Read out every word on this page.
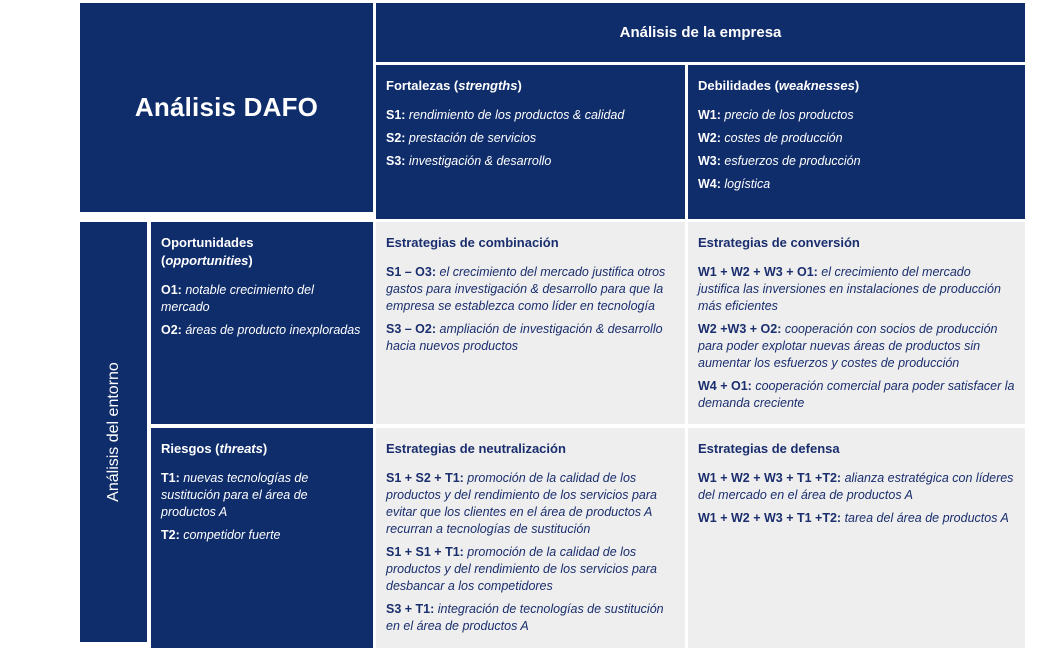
Análisis DAFO
Análisis de la empresa
Fortalezas (strengths)
S1: rendimiento de los productos & calidad
S2: prestación de servicios
S3: investigación & desarrollo
Debilidades (weaknesses)
W1: precio de los productos
W2: costes de producción
W3: esfuerzos de producción
W4: logística
Análisis del entorno
Oportunidades
(opportunities)
O1: notable crecimiento del mercado
O2: áreas de producto inexploradas
Riesgos (threats)
T1: nuevas tecnologías de sustitución para el área de productos A
T2: competidor fuerte
Estrategias de combinación
S1 – O3: el crecimiento del mercado justifica otros gastos para investigación & desarrollo para que la empresa se establezca como líder en tecnología
S3 – O2: ampliación de investigación & desarrollo hacia nuevos productos
Estrategias de conversión
W1 + W2 + W3 + O1: el crecimiento del mercado justifica las inversiones en instalaciones de producción más eficientes
W2 +W3 + O2: cooperación con socios de producción para poder explotar nuevas áreas de productos sin aumentar los esfuerzos y costes de producción
W4 + O1: cooperación comercial para poder satisfacer la demanda creciente
Estrategias de neutralización
S1 + S2 + T1: promoción de la calidad de los productos y del rendimiento de los servicios para evitar que los clientes en el área de productos A recurran a tecnologías de sustitución
S1 + S1 + T1: promoción de la calidad de los productos y del rendimiento de los servicios para desbancar a los competidores
S3 + T1: integración de tecnologías de sustitución en el área de productos A
Estrategias de defensa
W1 + W2 + W3 + T1 +T2: alianza estratégica con líderes del mercado en el área de productos A
W1 + W2 + W3 + T1 +T2: tarea del área de productos A
